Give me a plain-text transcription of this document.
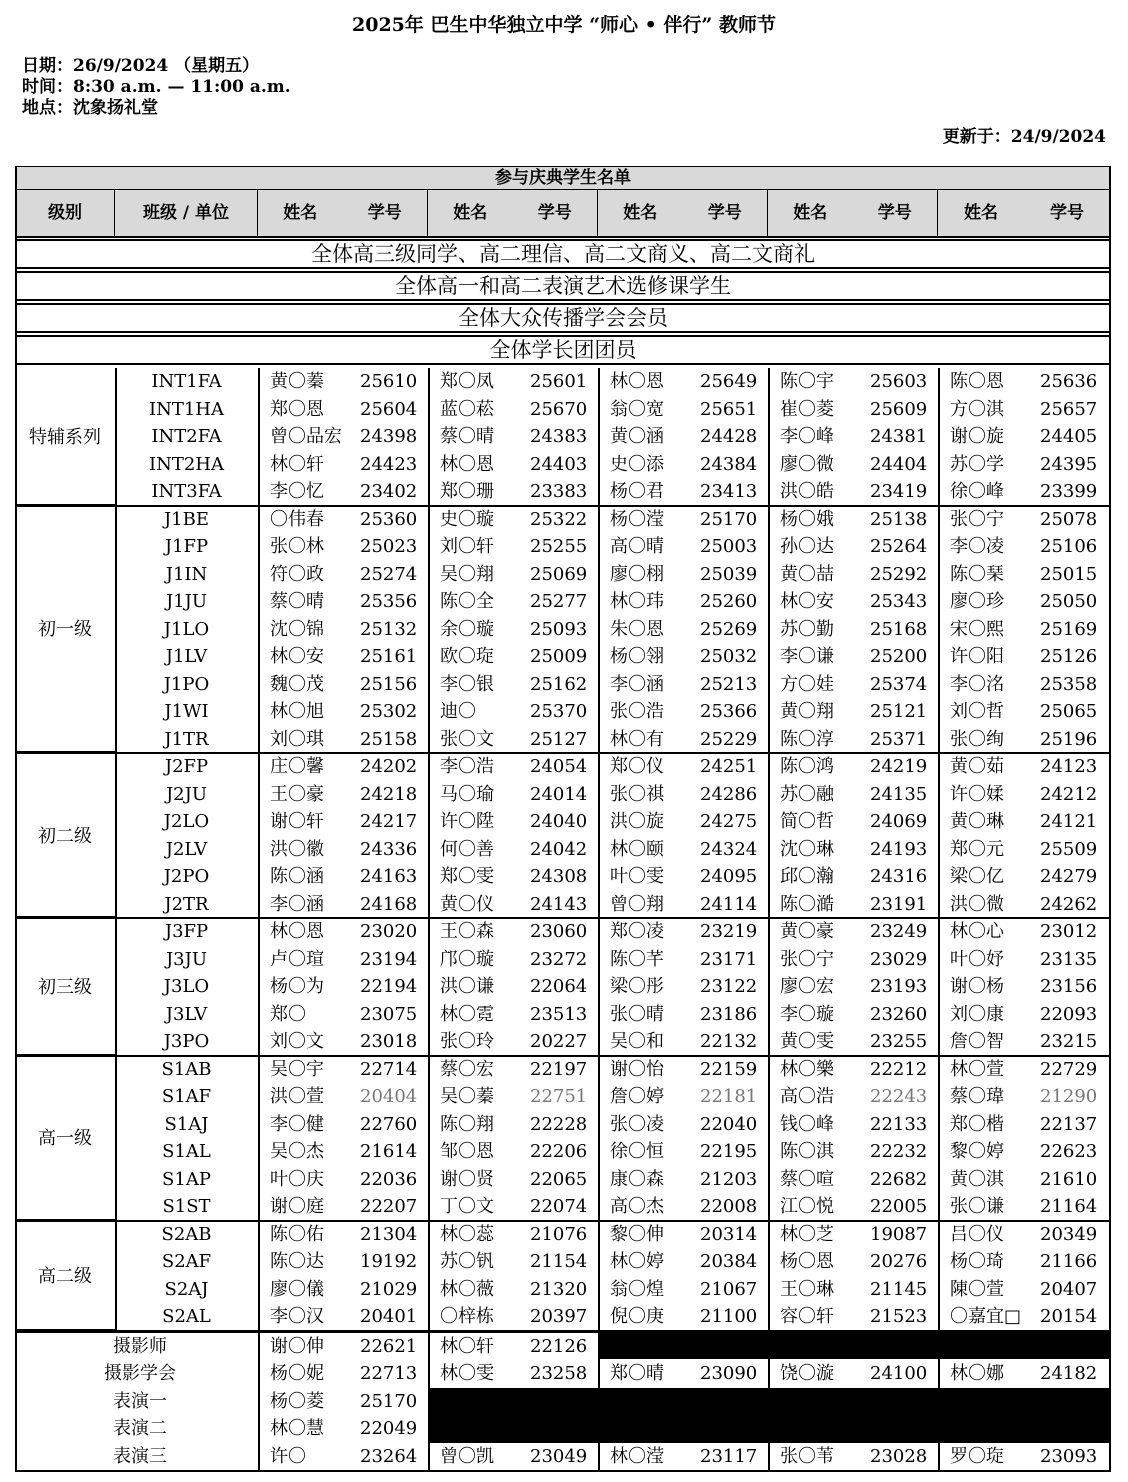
2025年 巴生中华独立中学 “师心 • 伴行” 教师节
日期：26/9/2024 （星期五）
时间：8:30 a.m. — 11:00 a.m.
地点：沈象扬礼堂
更新于：24/9/2024
参与庆典学生名单
级别	班级 / 单位	姓名	学号	姓名	学号	姓名	学号	姓名	学号	姓名	学号
全体高三级同学、高二理信、高二文商义、高二文商礼
全体高一和高二表演艺术选修课学生
全体大众传播学会会员
全体学长团团员
特辅系列
INT1FA	黄〇蓁 25610 郑〇凤 25601 林〇恩 25649 陈〇宇 25603 陈〇恩 25636
INT1HA	郑〇恩 25604 蓝〇菘 25670 翁〇宽 25651 崔〇菱 25609 方〇淇 25657
INT2FA	曾〇品宏 24398 蔡〇晴 24383 黄〇涵 24428 李〇峰 24381 谢〇旋 24405
INT2HA	林〇轩 24423 林〇恩 24403 史〇添 24384 廖〇微 24404 苏〇学 24395
INT3FA	李〇忆 23402 郑〇珊 23383 杨〇君 23413 洪〇皓 23419 徐〇峰 23399
初一级
J1BE	〇伟春 25360 史〇璇 25322 杨〇滢 25170 杨〇娥 25138 张〇宁 25078
J1FP	张〇林 25023 刘〇轩 25255 高〇晴 25003 孙〇达 25264 李〇凌 25106
J1IN	符〇政 25274 吴〇翔 25069 廖〇栩 25039 黄〇喆 25292 陈〇琹 25015
J1JU	蔡〇晴 25356 陈〇全 25277 林〇玮 25260 林〇安 25343 廖〇珍 25050
J1LO	沈〇锦 25132 余〇璇 25093 朱〇恩 25269 苏〇勤 25168 宋〇熙 25169
J1LV	林〇安 25161 欧〇琁 25009 杨〇翎 25032 李〇谦 25200 许〇阳 25126
J1PO	魏〇茂 25156 李〇银 25162 李〇涵 25213 方〇娃 25374 李〇洺 25358
J1WI	林〇旭 25302 迪〇	25370 张〇浩 25366 黄〇翔 25121 刘〇哲 25065
J1TR	刘〇琪 25158 张〇文 25127 林〇有 25229 陈〇淳 25371 张〇绚 25196
初二级
J2FP	庄〇馨 24202 李〇浩 24054 郑〇仪 24251 陈〇鸿 24219 黄〇茹 24123
J2JU	王〇豪 24218 马〇瑜 24014 张〇祺 24286 苏〇融 24135 许〇媃 24212
J2LO	谢〇轩 24217 许〇陞 24040 洪〇旋 24275 简〇哲 24069 黄〇琳 24121
J2LV	洪〇徽 24336 何〇善 24042 林〇颐 24324 沈〇琳 24193 郑〇元 25509
J2PO	陈〇涵 24163 郑〇雯 24308 叶〇雯 24095 邱〇瀚 24316 梁〇亿 24279
J2TR	李〇涵 24168 黄〇仪 24143 曾〇翔 24114 陈〇澔 23191 洪〇微 24262
初三级
J3FP	林〇恩 23020 王〇森 23060 郑〇凌 23219 黄〇豪 23249 林〇心 23012
J3JU	卢〇瑄 23194 邝〇璇 23272 陈〇芊 23171 张〇宁 23029 叶〇妤 23135
J3LO	杨〇为 22194 洪〇谦 22064 梁〇彤 23122 廖〇宏 23193 谢〇杨 23156
J3LV	郑〇	23075 林〇霓 23513 张〇晴 23186 李〇璇 23260 刘〇康 22093
J3PO	刘〇文 23018 张〇玲 20227 吴〇和 22132 黄〇雯 23255 詹〇智 23215
高一级
S1AB	吴〇宇 22714 蔡〇宏 22197 谢〇怡 22159 林〇樂 22212 林〇萱 22729
S1AF	洪〇萱 20404 吴〇蓁 22751 詹〇婷 22181 高〇浩 22243 蔡〇瑋 21290
S1AJ	李〇健 22760 陈〇翔 22228 张〇凌 22040 钱〇峰 22133 郑〇楷 22137
S1AL	吴〇杰 21614 邹〇恩 22206 徐〇恒 22195 陈〇淇 22232 黎〇婷 22623
S1AP	叶〇庆 22036 谢〇贤 22065 康〇森 21203 蔡〇喧 22682 黄〇淇 21610
S1ST	谢〇庭 22207 丁〇文 22074 高〇杰 22008 江〇悦 22005 张〇谦 21164
高二级
S2AB	陈〇佑 21304 林〇蕊 21076 黎〇伸 20314 林〇芝 19087 吕〇仪 20349
S2AF	陈〇达 19192 苏〇钒 21154 林〇婷 20384 杨〇恩 20276 杨〇琦 21166
S2AJ	廖〇儀 21029 林〇薇 21320 翁〇煌 21067 王〇琳 21145 陳〇萱 20407
S2AL	李〇汉 20401 〇梓栋 20397 倪〇庚 21100 容〇轩 21523 〇嘉宜□ 20154
摄影师	谢〇伸 22621 林〇轩 22126
摄影学会	杨〇妮 22713 林〇雯 23258 郑〇晴 23090 饶〇漩 24100 林〇娜 24182
表演一	杨〇菱 25170
表演二	林〇慧 22049
表演三	许〇	23264 曾〇凯 23049 林〇滢 23117 张〇苇 23028 罗〇琁 23093
